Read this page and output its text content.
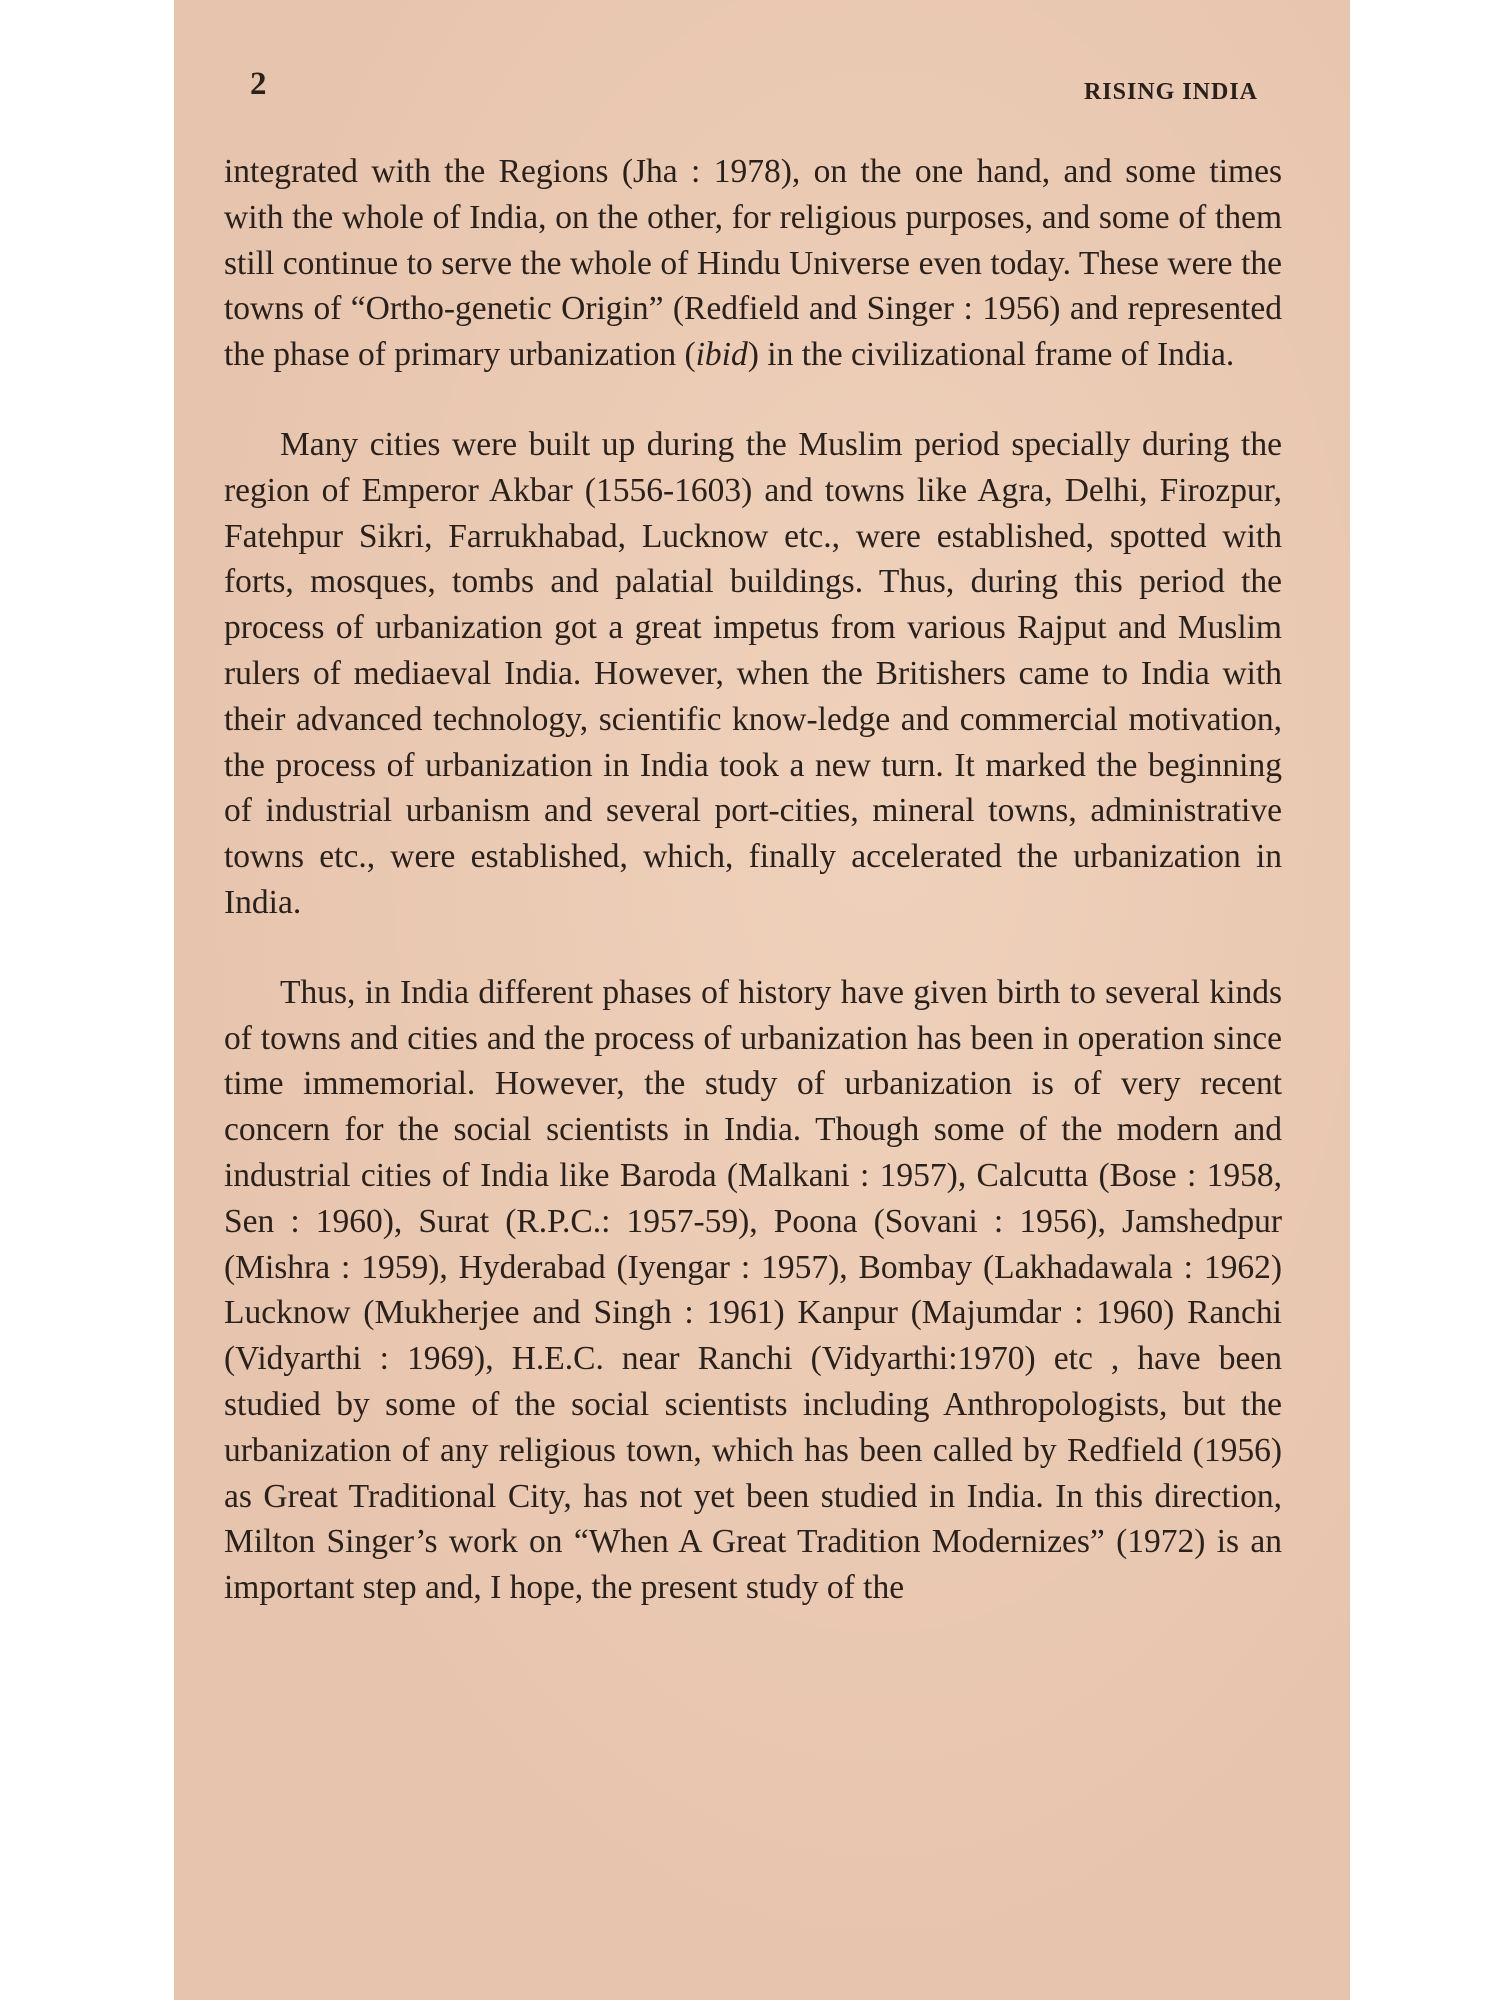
2	RISING INDIA

integrated with the Regions (Jha : 1978), on the one hand, and some times with the whole of India, on the other, for religious purposes, and some of them still continue to serve the whole of Hindu Universe even today. These were the towns of “Ortho-genetic Origin” (Redfield and Singer : 1956) and represented the phase of primary urbanization (ibid) in the civilizational frame of India.

Many cities were built up during the Muslim period specially during the region of Emperor Akbar (1556-1603) and towns like Agra, Delhi, Firozpur, Fatehpur Sikri, Farrukhabad, Lucknow etc., were established, spotted with forts, mosques, tombs and palatial buildings. Thus, during this period the process of urbanization got a great impetus from various Rajput and Muslim rulers of mediaeval India. However, when the Britishers came to India with their advanced technology, scientific know-ledge and commercial motivation, the process of urbanization in India took a new turn. It marked the beginning of industrial urbanism and several port-cities, mineral towns, administrative towns etc., were established, which, finally accelerated the urbanization in India.

Thus, in India different phases of history have given birth to several kinds of towns and cities and the process of urbanization has been in operation since time immemorial. However, the study of urbanization is of very recent concern for the social scientists in India. Though some of the modern and industrial cities of India like Baroda (Malkani : 1957), Calcutta (Bose : 1958, Sen : 1960), Surat (R.P.C.: 1957-59), Poona (Sovani : 1956), Jamshedpur (Mishra : 1959), Hyderabad (Iyengar : 1957), Bombay (Lakhadawala : 1962) Lucknow (Mukherjee and Singh : 1961) Kanpur (Majumdar : 1960) Ranchi (Vidyarthi : 1969), H.E.C. near Ranchi (Vidyarthi:1970) etc , have been studied by some of the social scientists including Anthropologists, but the urbanization of any religious town, which has been called by Redfield (1956) as Great Traditional City, has not yet been studied in India. In this direction, Milton Singer’s work on “When A Great Tradition Modernizes” (1972) is an important step and, I hope, the present study of the
